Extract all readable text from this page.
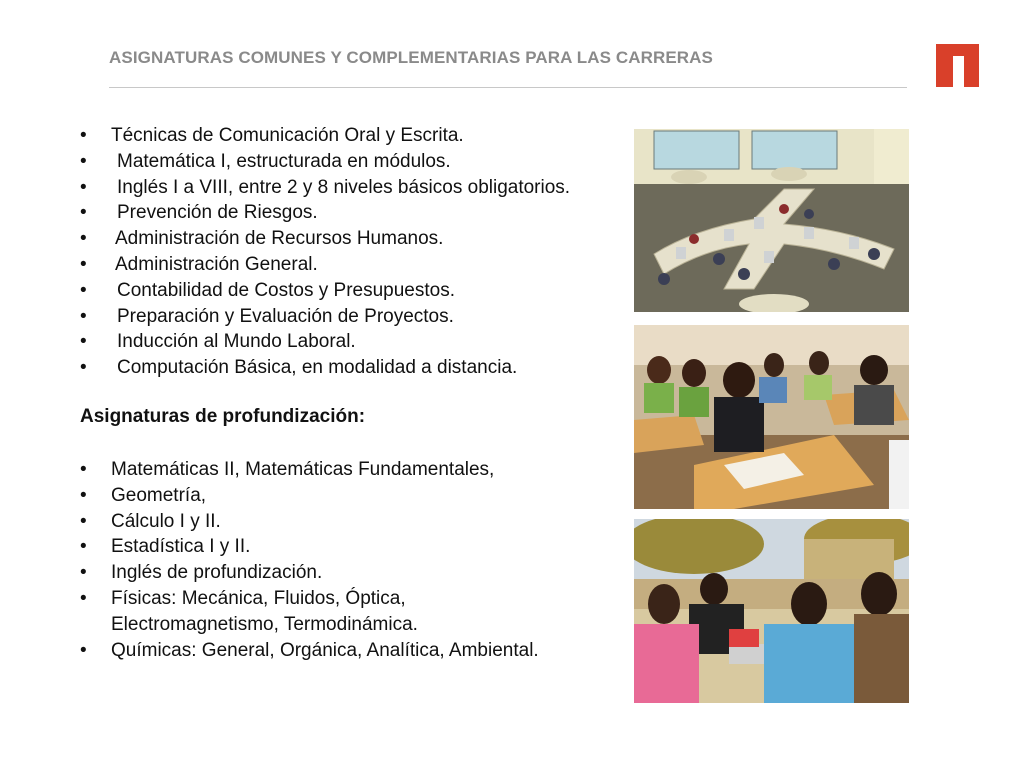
ASIGNATURAS COMUNES Y COMPLEMENTARIAS PARA LAS CARRERAS
• Técnicas de Comunicación Oral y Escrita.
• Matemática I, estructurada en módulos.
• Inglés I a VIII, entre 2 y 8 niveles básicos obligatorios.
• Prevención de Riesgos.
• Administración de Recursos Humanos.
• Administración General.
• Contabilidad de Costos y Presupuestos.
• Preparación y Evaluación de Proyectos.
• Inducción al Mundo Laboral.
• Computación Básica, en modalidad a distancia.
Asignaturas de profundización:
• Matemáticas II, Matemáticas Fundamentales,
• Geometría,
• Cálculo I y II.
• Estadística I y II.
• Inglés de profundización.
• Físicas: Mecánica, Fluidos, Óptica,
Electromagnetismo, Termodinámica.
• Químicas: General, Orgánica, Analítica, Ambiental.
